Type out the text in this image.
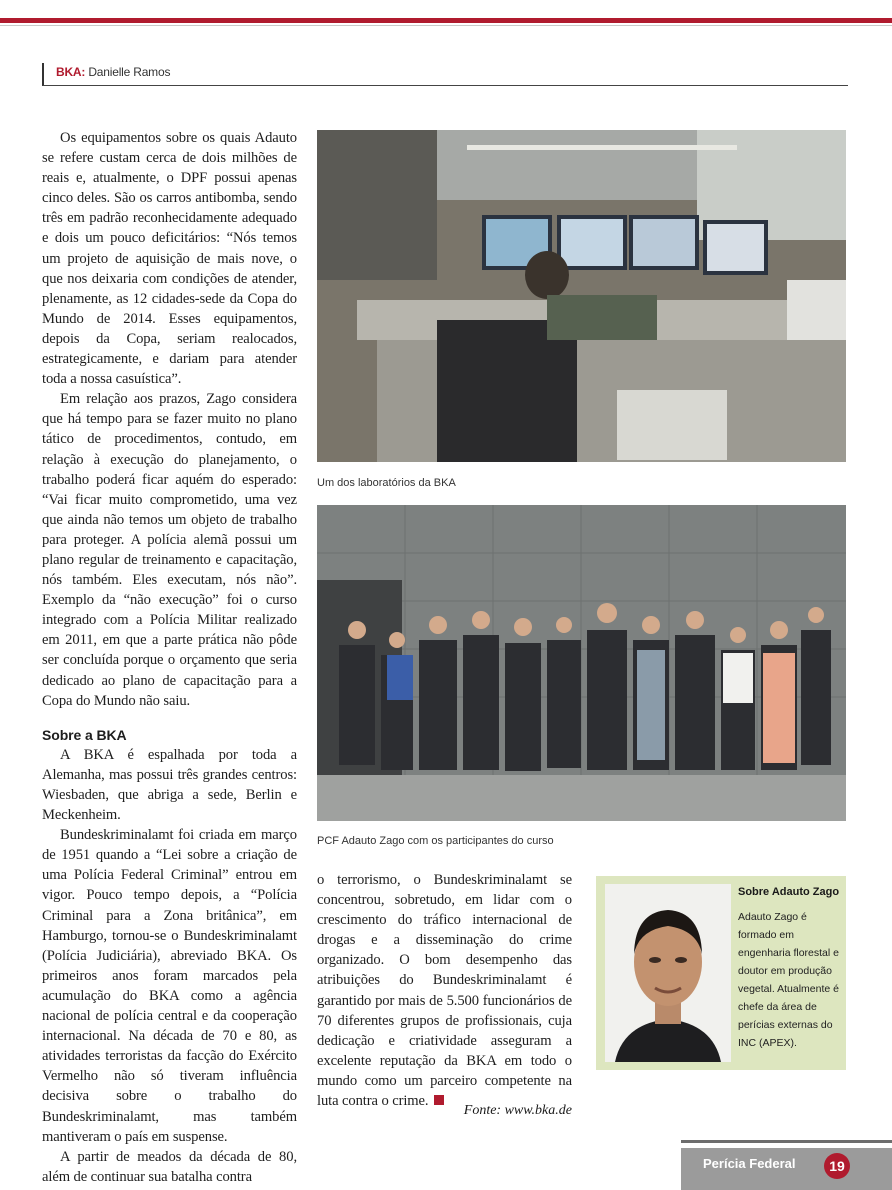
BKA: Danielle Ramos

Os equipamentos sobre os quais Adauto se refere custam cerca de dois milhões de reais e, atualmente, o DPF possui apenas cinco deles. São os carros antibomba, sendo três em padrão reconhecidamente adequado e dois um pouco deficitários: “Nós temos um projeto de aquisição de mais nove, o que nos deixaria com condições de atender, plenamente, as 12 cidades-sede da Copa do Mundo de 2014. Esses equipamentos, depois da Copa, seriam realocados, estrategicamente, e dariam para atender toda a nossa casuística”.

Em relação aos prazos, Zago considera que há tempo para se fazer muito no plano tático de procedimentos, contudo, em relação à execução do planejamento, o trabalho poderá ficar aquém do esperado: “Vai ficar muito comprometido, uma vez que ainda não temos um objeto de trabalho para proteger. A polícia alemã possui um plano regular de treinamento e capacitação, nós também. Eles executam, nós não”. Exemplo da “não execução” foi o curso integrado com a Polícia Militar realizado em 2011, em que a parte prática não pôde ser concluída porque o orçamento que seria dedicado ao plano de capacitação para a Copa do Mundo não saiu.

Sobre a BKA

A BKA é espalhada por toda a Alemanha, mas possui três grandes centros: Wiesbaden, que abriga a sede, Berlin e Meckenheim.

Bundeskriminalamt foi criada em março de 1951 quando a “Lei sobre a criação de uma Polícia Federal Criminal” entrou em vigor. Pouco tempo depois, a “Polícia Criminal para a Zona britânica”, em Hamburgo, tornou-se o Bundeskriminalamt (Polícia Judiciária), abreviado BKA. Os primeiros anos foram marcados pela acumulação do BKA como a agência nacional de polícia central e da cooperação internacional. Na década de 70 e 80, as atividades terroristas da facção do Exército Vermelho não só tiveram influência decisiva sobre o trabalho do Bundeskriminalamt, mas também mantiveram o país em suspense.

A partir de meados da década de 80, além de continuar sua batalha contra

Um dos laboratórios da BKA
PCF Adauto Zago com os participantes do curso

o terrorismo, o Bundeskriminalamt se concentrou, sobretudo, em lidar com o crescimento do tráfico internacional de drogas e a disseminação do crime organizado. O bom desempenho das atribuições do Bundeskriminalamt é garantido por mais de 5.500 funcionários de 70 diferentes grupos de profissionais, cuja dedicação e criatividade asseguram a excelente reputação da BKA em todo o mundo como um parceiro competente na luta contra o crime.

Fonte: www.bka.de
Sobre Adauto Zago
Adauto Zago é formado em engenharia florestal e doutor em produção vegetal. Atualmente é chefe da área de perícias externas do INC (APEX).
Perícia Federal	19
